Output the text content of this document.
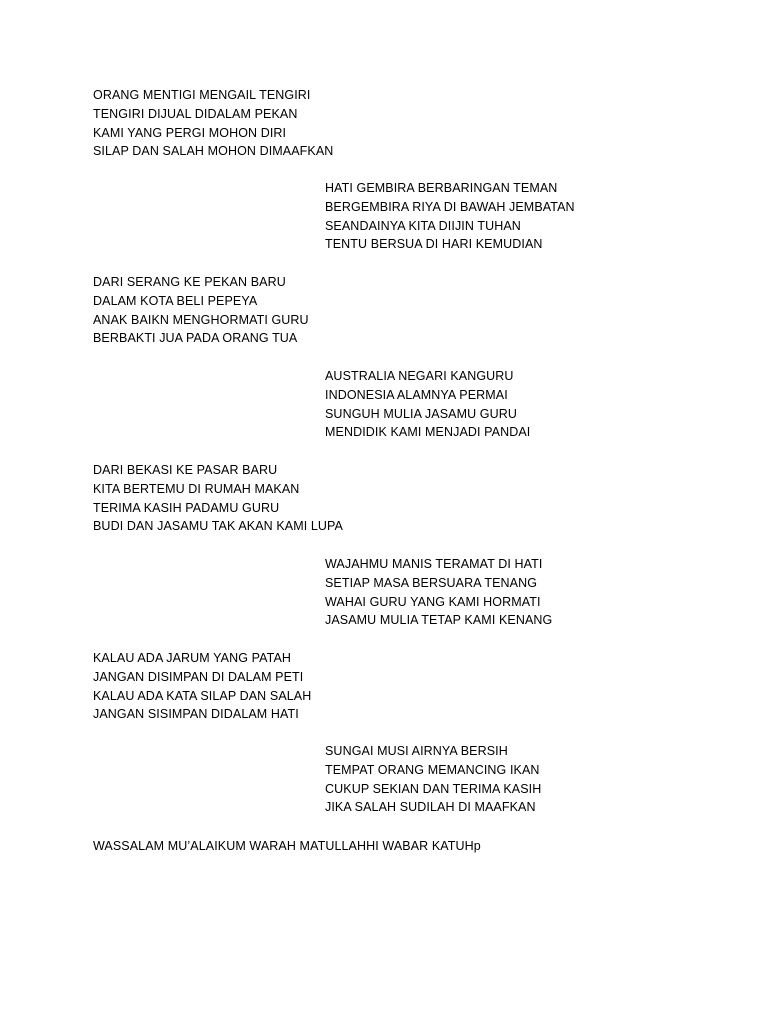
ORANG MENTIGI MENGAIL TENGIRI
TENGIRI DIJUAL DIDALAM PEKAN
KAMI YANG PERGI MOHON DIRI
SILAP DAN SALAH MOHON DIMAAFKAN
HATI GEMBIRA BERBARINGAN TEMAN
BERGEMBIRA RIYA DI BAWAH JEMBATAN
SEANDAINYA KITA DIIJIN TUHAN
TENTU BERSUA DI HARI KEMUDIAN
DARI SERANG KE PEKAN BARU
DALAM KOTA BELI PEPEYA
ANAK BAIKN MENGHORMATI GURU
BERBAKTI JUA PADA ORANG TUA
AUSTRALIA NEGARI KANGURU
INDONESIA ALAMNYA PERMAI
SUNGUH MULIA JASAMU GURU
MENDIDIK KAMI MENJADI PANDAI
DARI BEKASI KE PASAR BARU
KITA BERTEMU DI RUMAH MAKAN
TERIMA KASIH PADAMU GURU
BUDI DAN JASAMU TAK AKAN KAMI LUPA
WAJAHMU MANIS TERAMAT DI HATI
SETIAP MASA BERSUARA TENANG
WAHAI GURU YANG KAMI HORMATI
JASAMU MULIA TETAP KAMI KENANG
KALAU ADA JARUM YANG PATAH
JANGAN DISIMPAN DI DALAM PETI
KALAU ADA KATA SILAP DAN SALAH
JANGAN SISIMPAN DIDALAM HATI
SUNGAI MUSI AIRNYA BERSIH
TEMPAT ORANG MEMANCING IKAN
CUKUP SEKIAN DAN TERIMA KASIH
JIKA SALAH SUDILAH DI MAAFKAN
WASSALAM MU’ALAIKUM WARAH MATULLAHHI WABAR KATUHp
